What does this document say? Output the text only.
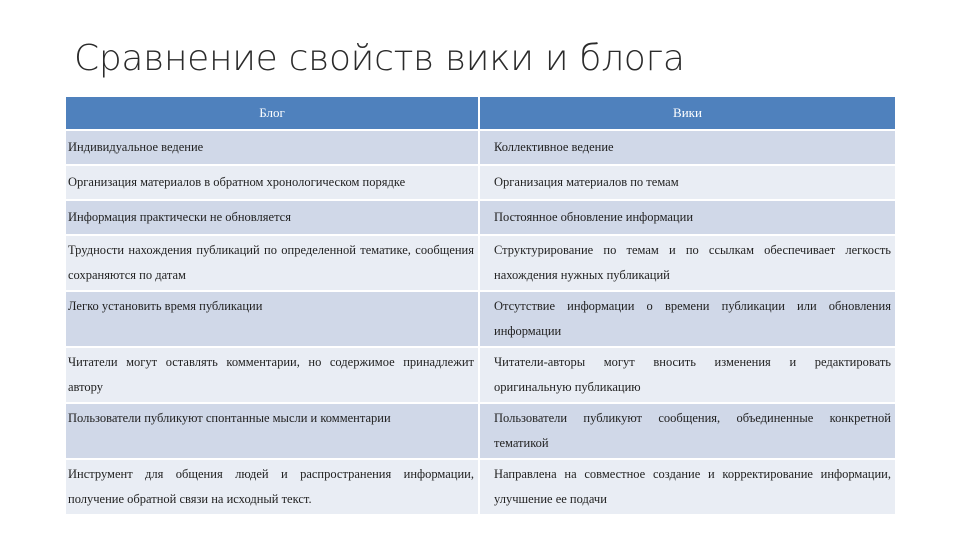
Сравнение свойств вики и блога
Блог	Вики
Индивидуальное ведение	Коллективное ведение
Организация материалов в обратном хронологическом порядке	Организация материалов по темам
Информация практически не обновляется	Постоянное обновление информации
Трудности нахождения публикаций по определенной тематике, сообщения сохраняются по датам	Структурирование по темам и по ссылкам обеспечивает легкость нахождения нужных публикаций
Легко установить время публикации	Отсутствие информации о времени публикации или обновления информации
Читатели могут оставлять комментарии, но содержимое принадлежит автору	Читатели-авторы могут вносить изменения и редактировать оригинальную публикацию
Пользователи публикуют спонтанные мысли и комментарии	Пользователи публикуют сообщения, объединенные конкретной тематикой
Инструмент для общения людей и распространения информации, получение обратной связи на исходный текст.	Направлена на совместное создание и корректирование информации, улучшение ее подачи
